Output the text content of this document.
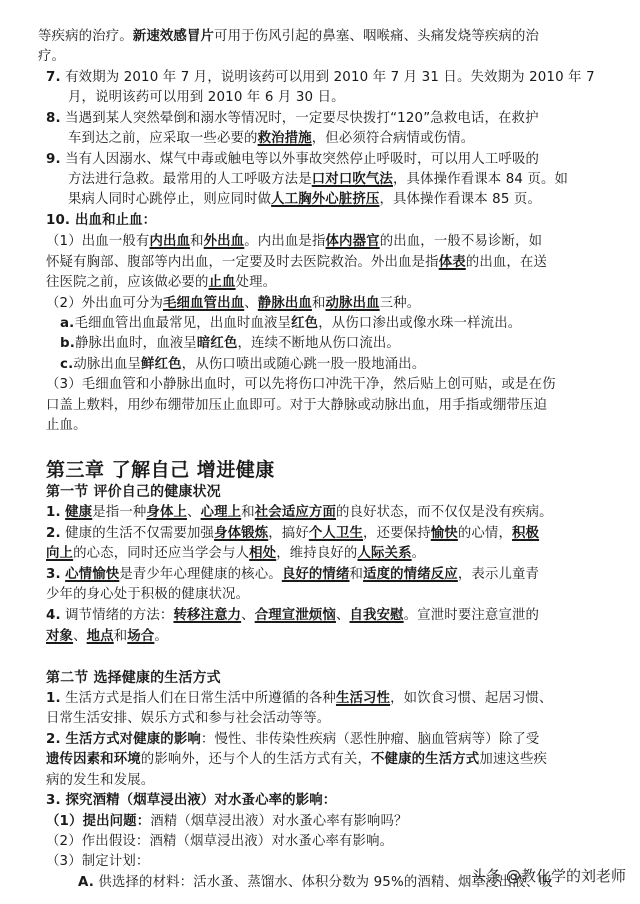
等疾病的治疗。新速效感冒片可用于伤风引起的鼻塞、咽喉痛、头痛发烧等疾病的治
疗。
7. 有效期为 2010 年 7 月，说明该药可以用到 2010 年 7 月 31 日。失效期为 2010 年 7
月，说明该药可以用到 2010 年 6 月 30 日。
8. 当遇到某人突然晕倒和溺水等情况时，一定要尽快拨打“120”急救电话，在救护
车到达之前，应采取一些必要的救治措施，但必须符合病情或伤情。
9. 当有人因溺水、煤气中毒或触电等以外事故突然停止呼吸时，可以用人工呼吸的
方法进行急救。最常用的人工呼吸方法是口对口吹气法，具体操作看课本 84 页。如
果病人同时心跳停止，则应同时做人工胸外心脏挤压，具体操作看课本 85 页。
10. 出血和止血：
（1）出血一般有内出血和外出血。内出血是指体内器官的出血，一般不易诊断，如
怀疑有胸部、腹部等内出血，一定要及时去医院救治。外出血是指体表的出血，在送
往医院之前，应该做必要的止血处理。
（2）外出血可分为毛细血管出血、静脉出血和动脉出血三种。
a.毛细血管出血最常见，出血时血液呈红色，从伤口渗出或像水珠一样流出。
b.静脉出血时，血液呈暗红色，连续不断地从伤口流出。
c.动脉出血呈鲜红色，从伤口喷出或随心跳一股一股地涌出。
（3）毛细血管和小静脉出血时，可以先将伤口冲洗干净，然后贴上创可贴，或是在伤
口盖上敷料，用纱布绷带加压止血即可。对于大静脉或动脉出血，用手指或绷带压迫
止血。
第三章 了解自己 增进健康
第一节 评价自己的健康状况
1. 健康是指一种身体上、心理上和社会适应方面的良好状态，而不仅仅是没有疾病。
2. 健康的生活不仅需要加强身体锻炼，搞好个人卫生，还要保持愉快的心情，积极
向上的心态，同时还应当学会与人相处，维持良好的人际关系。
3. 心情愉快是青少年心理健康的核心。良好的情绪和适度的情绪反应，表示儿童青
少年的身心处于积极的健康状况。
4. 调节情绪的方法：转移注意力、合理宣泄烦恼、自我安慰。宣泄时要注意宣泄的
对象、地点和场合。
第二节 选择健康的生活方式
1. 生活方式是指人们在日常生活中所遵循的各种生活习性，如饮食习惯、起居习惯、
日常生活安排、娱乐方式和参与社会活动等等。
2. 生活方式对健康的影响：慢性、非传染性疾病（恶性肿瘤、脑血管病等）除了受
遗传因素和环境的影响外，还与个人的生活方式有关，不健康的生活方式加速这些疾
病的发生和发展。
3. 探究酒精（烟草浸出液）对水蚤心率的影响：
（1）提出问题：酒精（烟草浸出液）对水蚤心率有影响吗？
（2）作出假设：酒精（烟草浸出液）对水蚤心率有影响。
（3）制定计划：
A. 供选择的材料：活水蚤、蒸馏水、体积分数为 95%的酒精、烟草浸出液、吸
头条 @教化学的刘老师
